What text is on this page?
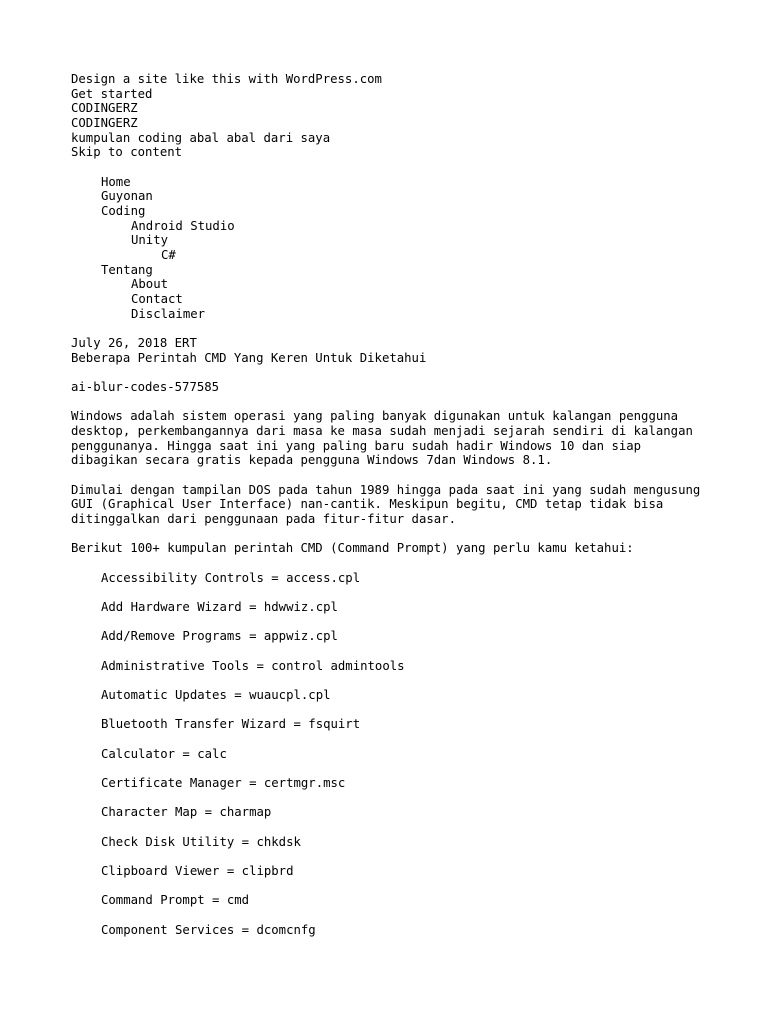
Design a site like this with WordPress.com
Get started
CODINGERZ
CODINGERZ
kumpulan coding abal abal dari saya
Skip to content
Home
Guyonan
Coding
Android Studio
Unity
C#
Tentang
About
Contact
Disclaimer
July 26, 2018 ERT
Beberapa Perintah CMD Yang Keren Untuk Diketahui
ai-blur-codes-577585
Windows adalah sistem operasi yang paling banyak digunakan untuk kalangan pengguna desktop, perkembangannya dari masa ke masa sudah menjadi sejarah sendiri di kalangan penggunanya. Hingga saat ini yang paling baru sudah hadir Windows 10 dan siap dibagikan secara gratis kepada pengguna Windows 7dan Windows 8.1.
Dimulai dengan tampilan DOS pada tahun 1989 hingga pada saat ini yang sudah mengusung GUI (Graphical User Interface) nan-cantik. Meskipun begitu, CMD tetap tidak bisa ditinggalkan dari penggunaan pada fitur-fitur dasar.
Berikut 100+ kumpulan perintah CMD (Command Prompt) yang perlu kamu ketahui:
Accessibility Controls = access.cpl
Add Hardware Wizard = hdwwiz.cpl
Add/Remove Programs = appwiz.cpl
Administrative Tools = control admintools
Automatic Updates = wuaucpl.cpl
Bluetooth Transfer Wizard = fsquirt
Calculator = calc
Certificate Manager = certmgr.msc
Character Map = charmap
Check Disk Utility = chkdsk
Clipboard Viewer = clipbrd
Command Prompt = cmd
Component Services = dcomcnfg
